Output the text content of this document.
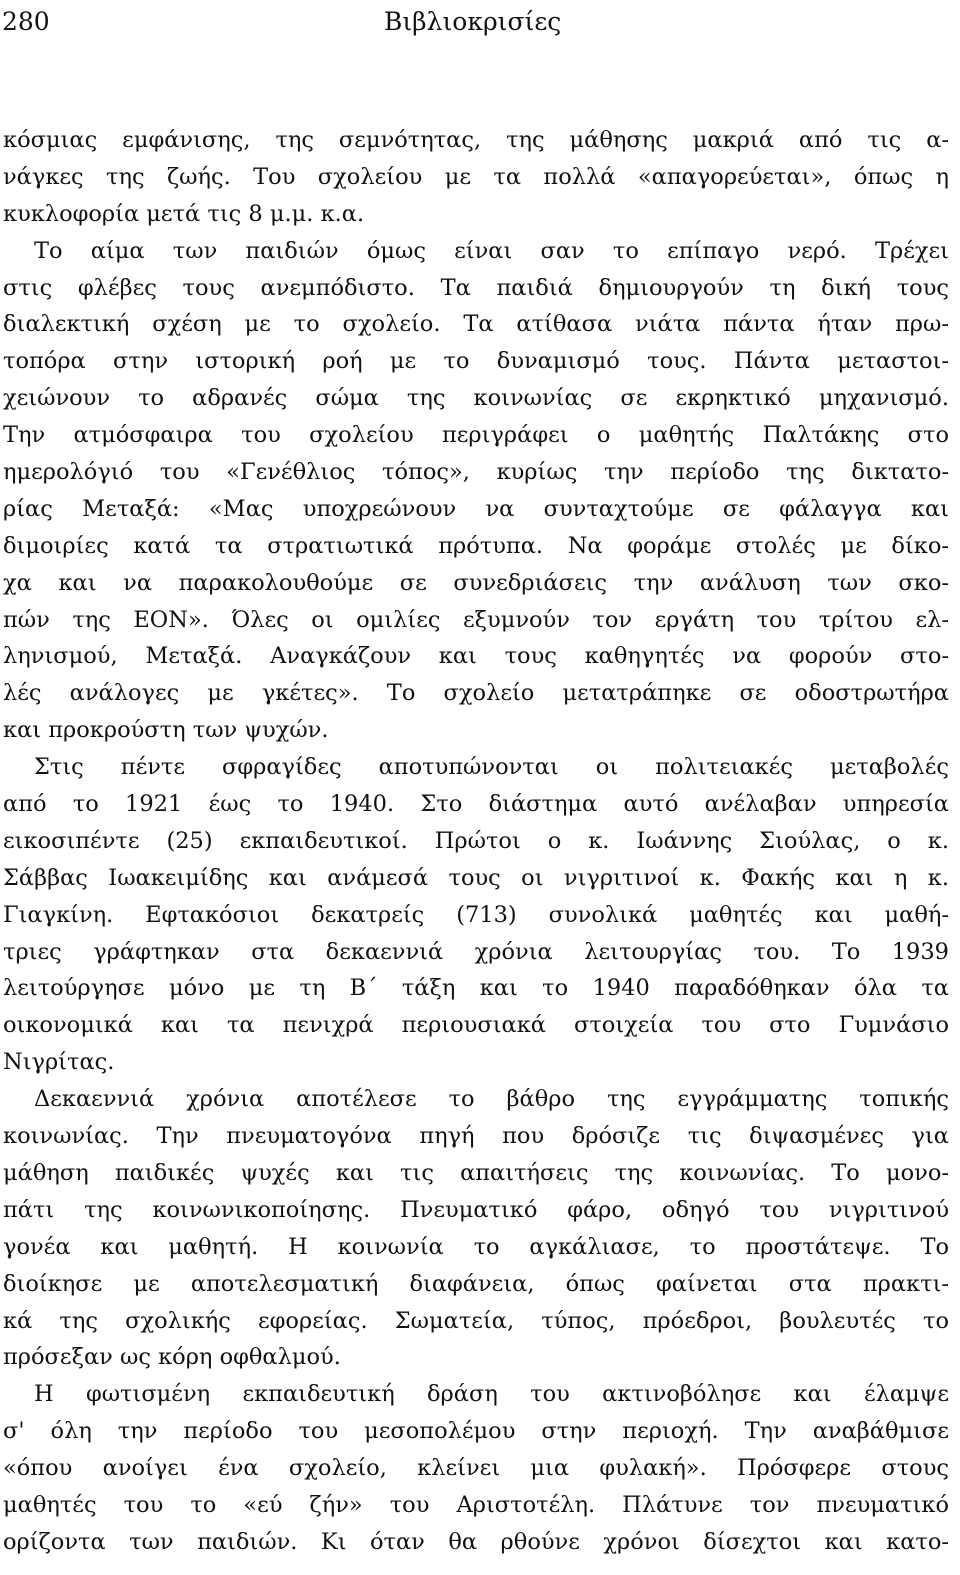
280	Βιβλιοκρισίες
κόσμιας εμφάνισης, της σεμνότητας, της μάθησης μακριά από τις α-
νάγκες της ζωής. Του σχολείου με τα πολλά «απαγορεύεται», όπως η
κυκλοφορία μετά τις 8 μ.μ. κ.α.
Το αίμα των παιδιών όμως είναι σαν το επίπαγο νερό. Τρέχει
στις φλέβες τους ανεμπόδιστο. Τα παιδιά δημιουργούν τη δική τους
διαλεκτική σχέση με το σχολείο. Τα ατίθασα νιάτα πάντα ήταν πρω-
τοπόρα στην ιστορική ροή με το δυναμισμό τους. Πάντα μεταστοι-
χειώνουν το αδρανές σώμα της κοινωνίας σε εκρηκτικό μηχανισμό.
Την ατμόσφαιρα του σχολείου περιγράφει ο μαθητής Παλτάκης στο
ημερολόγιό του «Γενέθλιος τόπος», κυρίως την περίοδο της δικτατο-
ρίας Μεταξά: «Μας υποχρεώνουν να συνταχτούμε σε φάλαγγα και
διμοιρίες κατά τα στρατιωτικά πρότυπα. Να φοράμε στολές με δίκο-
χα και να παρακολουθούμε σε συνεδριάσεις την ανάλυση των σκο-
πών της ΕΟΝ». Όλες οι ομιλίες εξυμνούν τον εργάτη του τρίτου ελ-
ληνισμού, Μεταξά. Αναγκάζουν και τους καθηγητές να φορούν στο-
λές ανάλογες με γκέτες». Το σχολείο μετατράπηκε σε οδοστρωτήρα
και προκρούστη των ψυχών.
Στις πέντε σφραγίδες αποτυπώνονται οι πολιτειακές μεταβολές
από το 1921 έως το 1940. Στο διάστημα αυτό ανέλαβαν υπηρεσία
εικοσιπέντε (25) εκπαιδευτικοί. Πρώτοι ο κ. Ιωάννης Σιούλας, ο κ.
Σάββας Ιωακειμίδης και ανάμεσά τους οι νιγριτινοί κ. Φακής και η κ.
Γιαγκίνη. Εφτακόσιοι δεκατρείς (713) συνολικά μαθητές και μαθή-
τριες γράφτηκαν στα δεκαεννιά χρόνια λειτουργίας του. Το 1939
λειτούργησε μόνο με τη Β΄ τάξη και το 1940 παραδόθηκαν όλα τα
οικονομικά και τα πενιχρά περιουσιακά στοιχεία του στο Γυμνάσιο
Νιγρίτας.
Δεκαεννιά χρόνια αποτέλεσε το βάθρο της εγγράμματης τοπικής
κοινωνίας. Την πνευματογόνα πηγή που δρόσιζε τις διψασμένες για
μάθηση παιδικές ψυχές και τις απαιτήσεις της κοινωνίας. Το μονο-
πάτι της κοινωνικοποίησης. Πνευματικό φάρο, οδηγό του νιγριτινού
γονέα και μαθητή. Η κοινωνία το αγκάλιασε, το προστάτεψε. Το
διοίκησε με αποτελεσματική διαφάνεια, όπως φαίνεται στα πρακτι-
κά της σχολικής εφορείας. Σωματεία, τύπος, πρόεδροι, βουλευτές το
πρόσεξαν ως κόρη οφθαλμού.
Η φωτισμένη εκπαιδευτική δράση του ακτινοβόλησε και έλαμψε
σ' όλη την περίοδο του μεσοπολέμου στην περιοχή. Την αναβάθμισε
«όπου ανοίγει ένα σχολείο, κλείνει μια φυλακή». Πρόσφερε στους
μαθητές του το «εύ ζήν» του Αριστοτέλη. Πλάτυνε τον πνευματικό
ορίζοντα των παιδιών. Κι όταν θα ρθούνε χρόνοι δίσεχτοι και κατο-
